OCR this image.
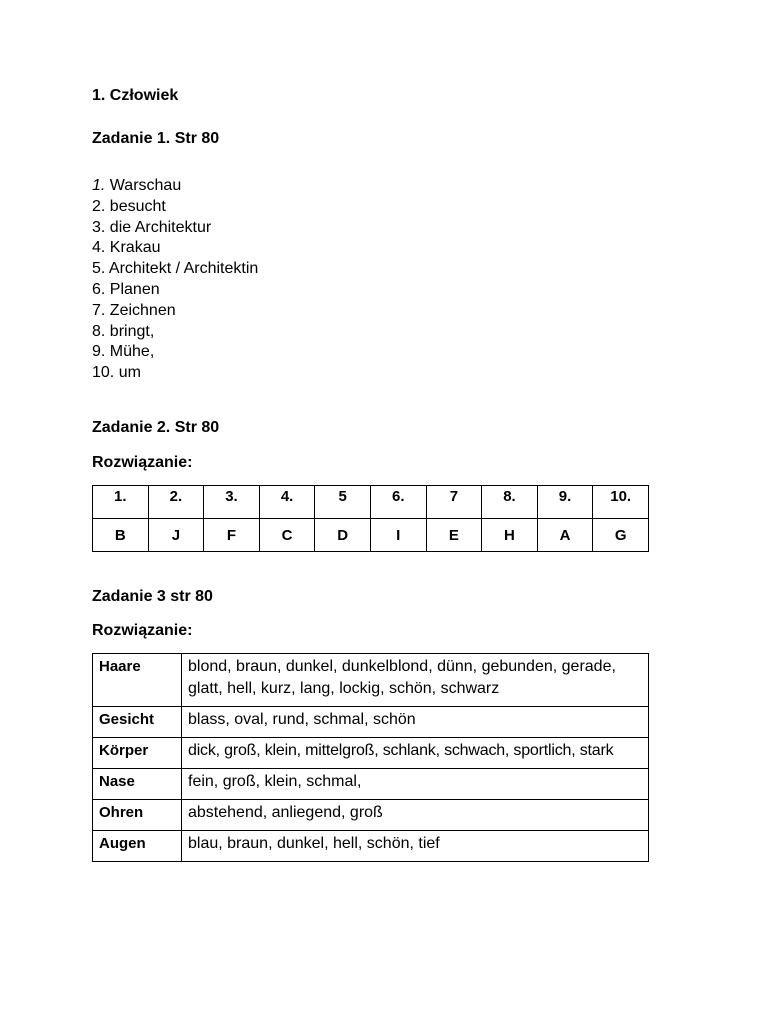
1. Człowiek

Zadanie 1. Str 80

1. Warschau
2. besucht
3. die Architektur
4. Krakau
5. Architekt / Architektin
6. Planen
7. Zeichnen
8. bringt,
9. Mühe,
10. um

Zadanie 2. Str 80

Rozwiązanie:

1.	2.	3.	4.	5	6.	7	8.	9.	10.
B	J	F	C	D	I	E	H	A	G

Zadanie 3 str 80

Rozwiązanie:

Haare	blond, braun, dunkel, dunkelblond, dünn, gebunden, gerade, glatt, hell, kurz, lang, lockig, schön, schwarz
Gesicht	blass, oval, rund, schmal, schön
Körper	dick, groß, klein, mittelgroß, schlank, schwach, sportlich, stark
Nase	fein, groß, klein, schmal,
Ohren	abstehend, anliegend, groß
Augen	blau, braun, dunkel, hell, schön, tief
